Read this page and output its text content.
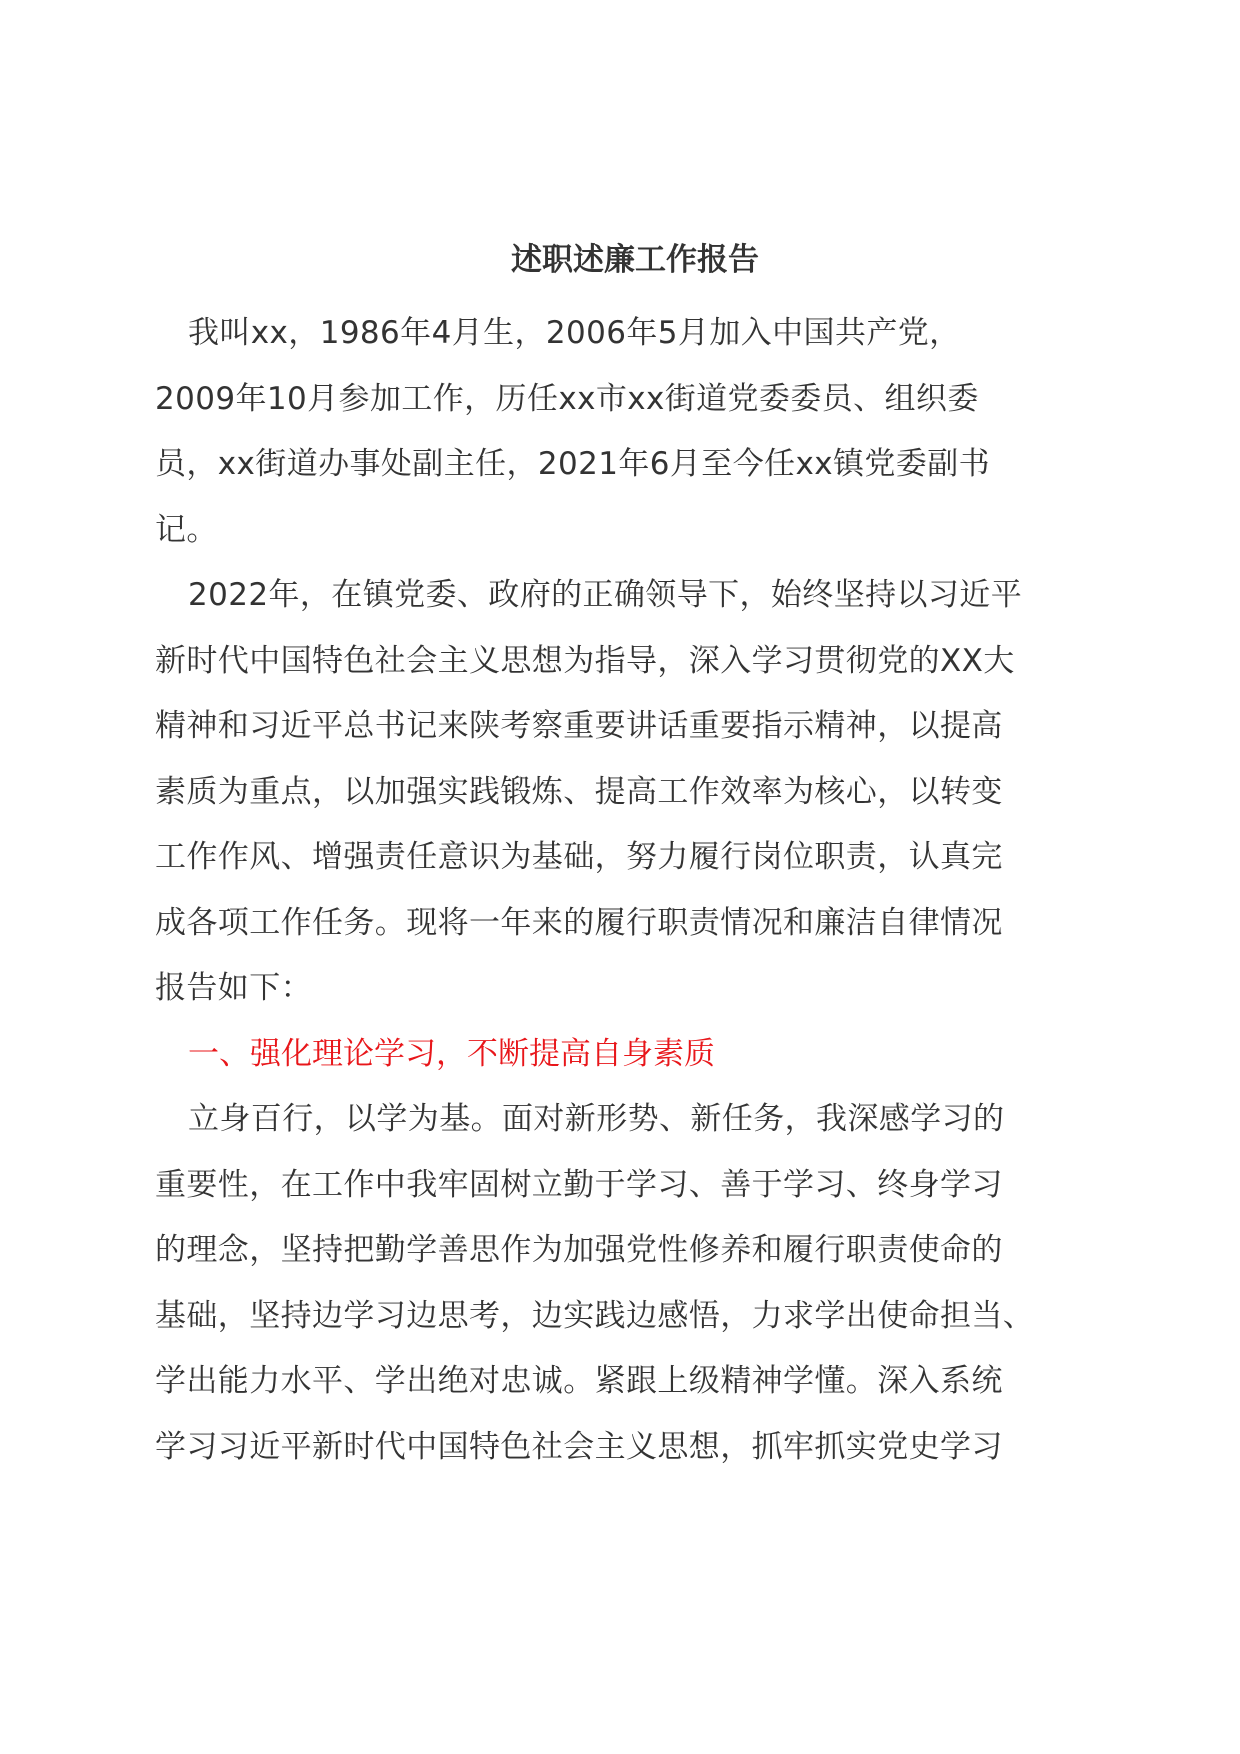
述职述廉工作报告

我叫xx，1986年4月生，2006年5月加入中国共产党，
2009年10月参加工作，历任xx市xx街道党委委员、组织委
员，xx街道办事处副主任，2021年6月至今任xx镇党委副书
记。

2022年，在镇党委、政府的正确领导下，始终坚持以习近平
新时代中国特色社会主义思想为指导，深入学习贯彻党的XX大
精神和习近平总书记来陕考察重要讲话重要指示精神，以提高
素质为重点，以加强实践锻炼、提高工作效率为核心，以转变
工作作风、增强责任意识为基础，努力履行岗位职责，认真完
成各项工作任务。现将一年来的履行职责情况和廉洁自律情况
报告如下：

一、强化理论学习，不断提高自身素质

立身百行，以学为基。面对新形势、新任务，我深感学习的
重要性，在工作中我牢固树立勤于学习、善于学习、终身学习
的理念，坚持把勤学善思作为加强党性修养和履行职责使命的
基础，坚持边学习边思考，边实践边感悟，力求学出使命担当、
学出能力水平、学出绝对忠诚。紧跟上级精神学懂。深入系统
学习习近平新时代中国特色社会主义思想，抓牢抓实党史学习
